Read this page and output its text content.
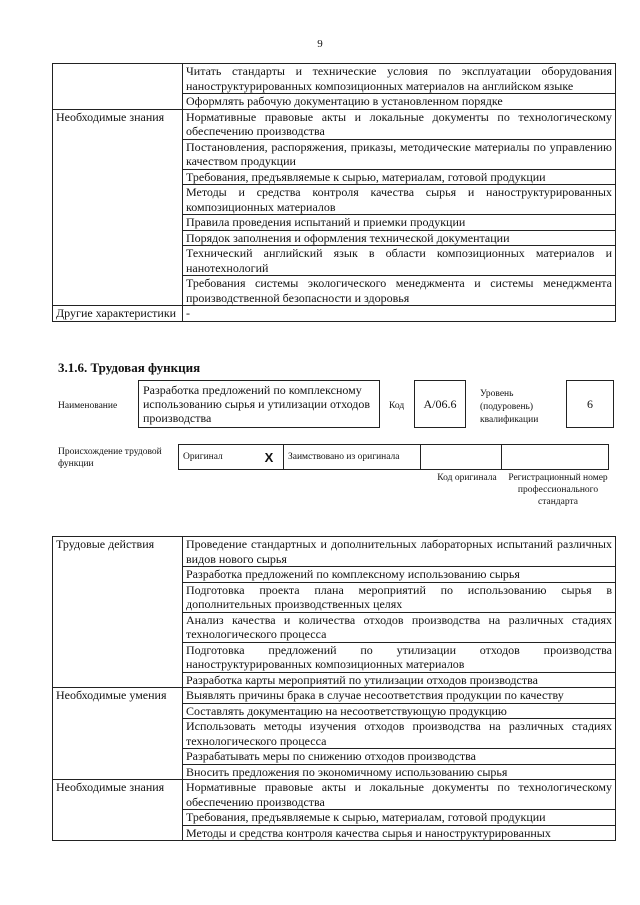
9
	Читать стандарты и технические условия по эксплуатации оборудования наноструктурированных композиционных материалов на английском языке
	Оформлять рабочую документацию в установленном порядке
Необходимые знания	Нормативные правовые акты и локальные документы по технологическому обеспечению производства
	Постановления, распоряжения, приказы, методические материалы по управлению качеством продукции
	Требования, предъявляемые к сырью, материалам, готовой продукции
	Методы и средства контроля качества сырья и наноструктурированных композиционных материалов
	Правила проведения испытаний и приемки продукции
	Порядок заполнения и оформления технической документации
	Технический английский язык в области композиционных материалов и нанотехнологий
	Требования системы экологического менеджмента и системы менеджмента производственной безопасности и здоровья
Другие характеристики	-
3.1.6. Трудовая функция
Наименование
Разработка предложений по комплексному использованию сырья и утилизации отходов производства
Код	А/06.6
Уровень (подуровень) квалификации
6
Происхождение трудовой функции
Оригинал	X	Заимствовано из оригинала		
Код оригинала	Регистрационный номер профессионального стандарта
Трудовые действия	Проведение стандартных и дополнительных лабораторных испытаний различных видов нового сырья
	Разработка предложений по комплексному использованию сырья
	Подготовка проекта плана мероприятий по использованию сырья в дополнительных производственных целях
	Анализ качества и количества отходов производства на различных стадиях технологического процесса
	Подготовка предложений по утилизации отходов производства наноструктурированных композиционных материалов
	Разработка карты мероприятий по утилизации отходов производства
Необходимые умения	Выявлять причины брака в случае несоответствия продукции по качеству
	Составлять документацию на несоответствующую продукцию
	Использовать методы изучения отходов производства на различных стадиях технологического процесса
	Разрабатывать меры по снижению отходов производства
	Вносить предложения по экономичному использованию сырья
Необходимые знания	Нормативные правовые акты и локальные документы по технологическому обеспечению производства
	Требования, предъявляемые к сырью, материалам, готовой продукции
	Методы и средства контроля качества сырья и наноструктурированных
